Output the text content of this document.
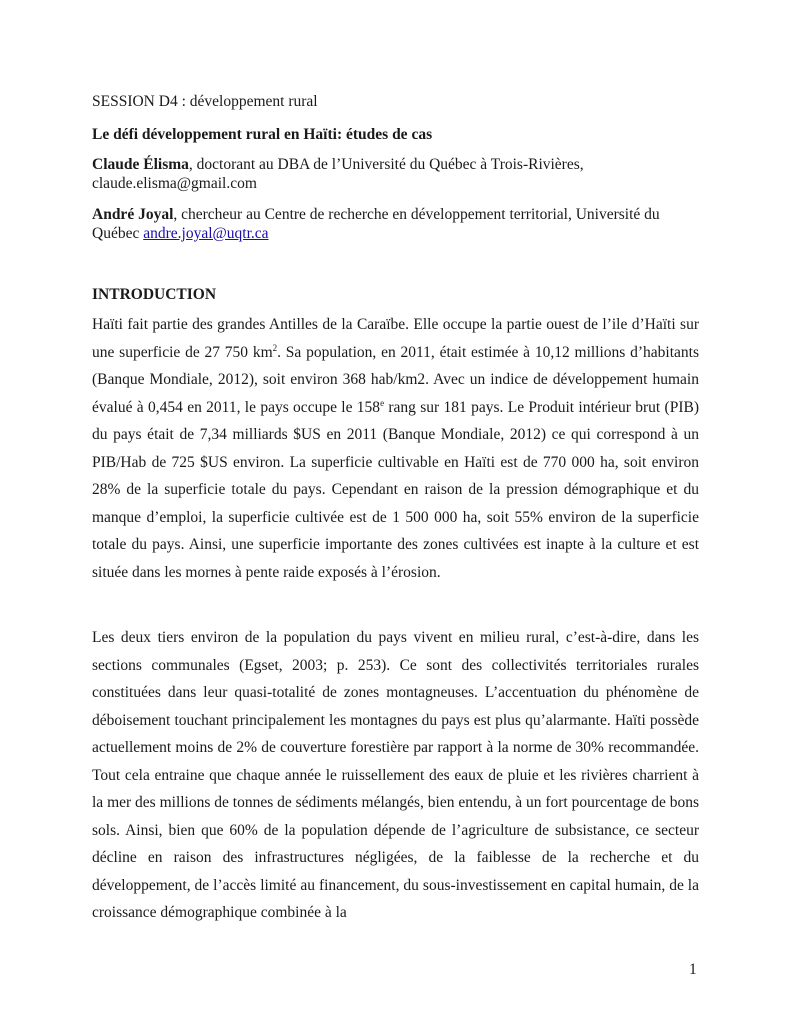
SESSION D4 : développement rural

Le défi développement rural en Haïti: études de cas

Claude Élisma, doctorant au DBA de l’Université du Québec à Trois-Rivières, claude.elisma@gmail.com

André Joyal, chercheur au Centre de recherche en développement territorial, Université du Québec andre.joyal@uqtr.ca

INTRODUCTION

Haïti fait partie des grandes Antilles de la Caraïbe. Elle occupe la partie ouest de l’ile d’Haïti sur une superficie de 27 750 $km^2$. Sa population, en 2011, était estimée à 10,12 millions d’habitants (Banque Mondiale, 2012), soit environ 368 hab/km2. Avec un indice de développement humain évalué à 0,454 en 2011, le pays occupe le 158e rang sur 181 pays. Le Produit intérieur brut (PIB) du pays était de 7,34 milliards $US en 2011 (Banque Mondiale, 2012) ce qui correspond à un PIB/Hab de 725 $US environ. La superficie cultivable en Haïti est de 770 000 ha, soit environ 28% de la superficie totale du pays. Cependant en raison de la pression démographique et du manque d’emploi, la superficie cultivée est de 1 500 000 ha, soit 55% environ de la superficie totale du pays. Ainsi, une superficie importante des zones cultivées est inapte à la culture et est située dans les mornes à pente raide exposés à l’érosion.

Les deux tiers environ de la population du pays vivent en milieu rural, c’est-à-dire, dans les sections communales (Egset, 2003; p. 253). Ce sont des collectivités territoriales rurales constituées dans leur quasi-totalité de zones montagneuses. L’accentuation du phénomène de déboisement touchant principalement les montagnes du pays est plus qu’alarmante. Haïti possède actuellement moins de 2% de couverture forestière par rapport à la norme de 30% recommandée. Tout cela entraine que chaque année le ruissellement des eaux de pluie et les rivières charrient à la mer des millions de tonnes de sédiments mélangés, bien entendu, à un fort pourcentage de bons sols. Ainsi, bien que 60% de la population dépende de l’agriculture de subsistance, ce secteur décline en raison des infrastructures négligées, de la faiblesse de la recherche et du développement, de l’accès limité au financement, du sous-investissement en capital humain, de la croissance démographique combinée à la

1
